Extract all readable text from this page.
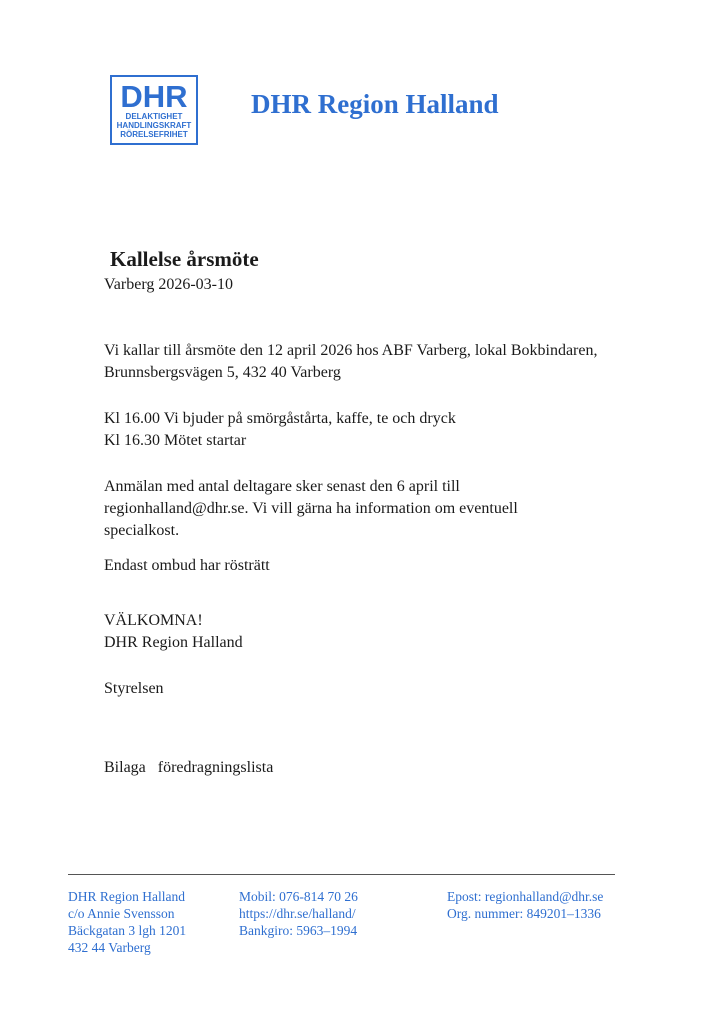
DHR
DELAKTIGHET
HANDLINGSKRAFT
RÖRELSEFRIHET
DHR Region Halland
Kallelse årsmöte

Varberg 2026-03-10

Vi kallar till årsmöte den 12 april 2026 hos ABF Varberg, lokal Bokbindaren,
Brunnsbergsvägen 5, 432 40 Varberg
Kl 16.00 Vi bjuder på smörgåstårta, kaffe, te och dryck
Kl 16.30 Mötet startar
Anmälan med antal deltagare sker senast den 6 april till
regionhalland@dhr.se. Vi vill gärna ha information om eventuell
specialkost.

Endast ombud har rösträtt

VÄLKOMNA!

DHR Region Halland

Styrelsen

Bilaga   föredragningslista

DHR Region Halland
c/o Annie Svensson
Bäckgatan 3 lgh 1201
432 44 Varberg
Mobil: 076-814 70 26
https://dhr.se/halland/
Bankgiro: 5963–1994
Epost: regionhalland@dhr.se
Org. nummer: 849201–1336
